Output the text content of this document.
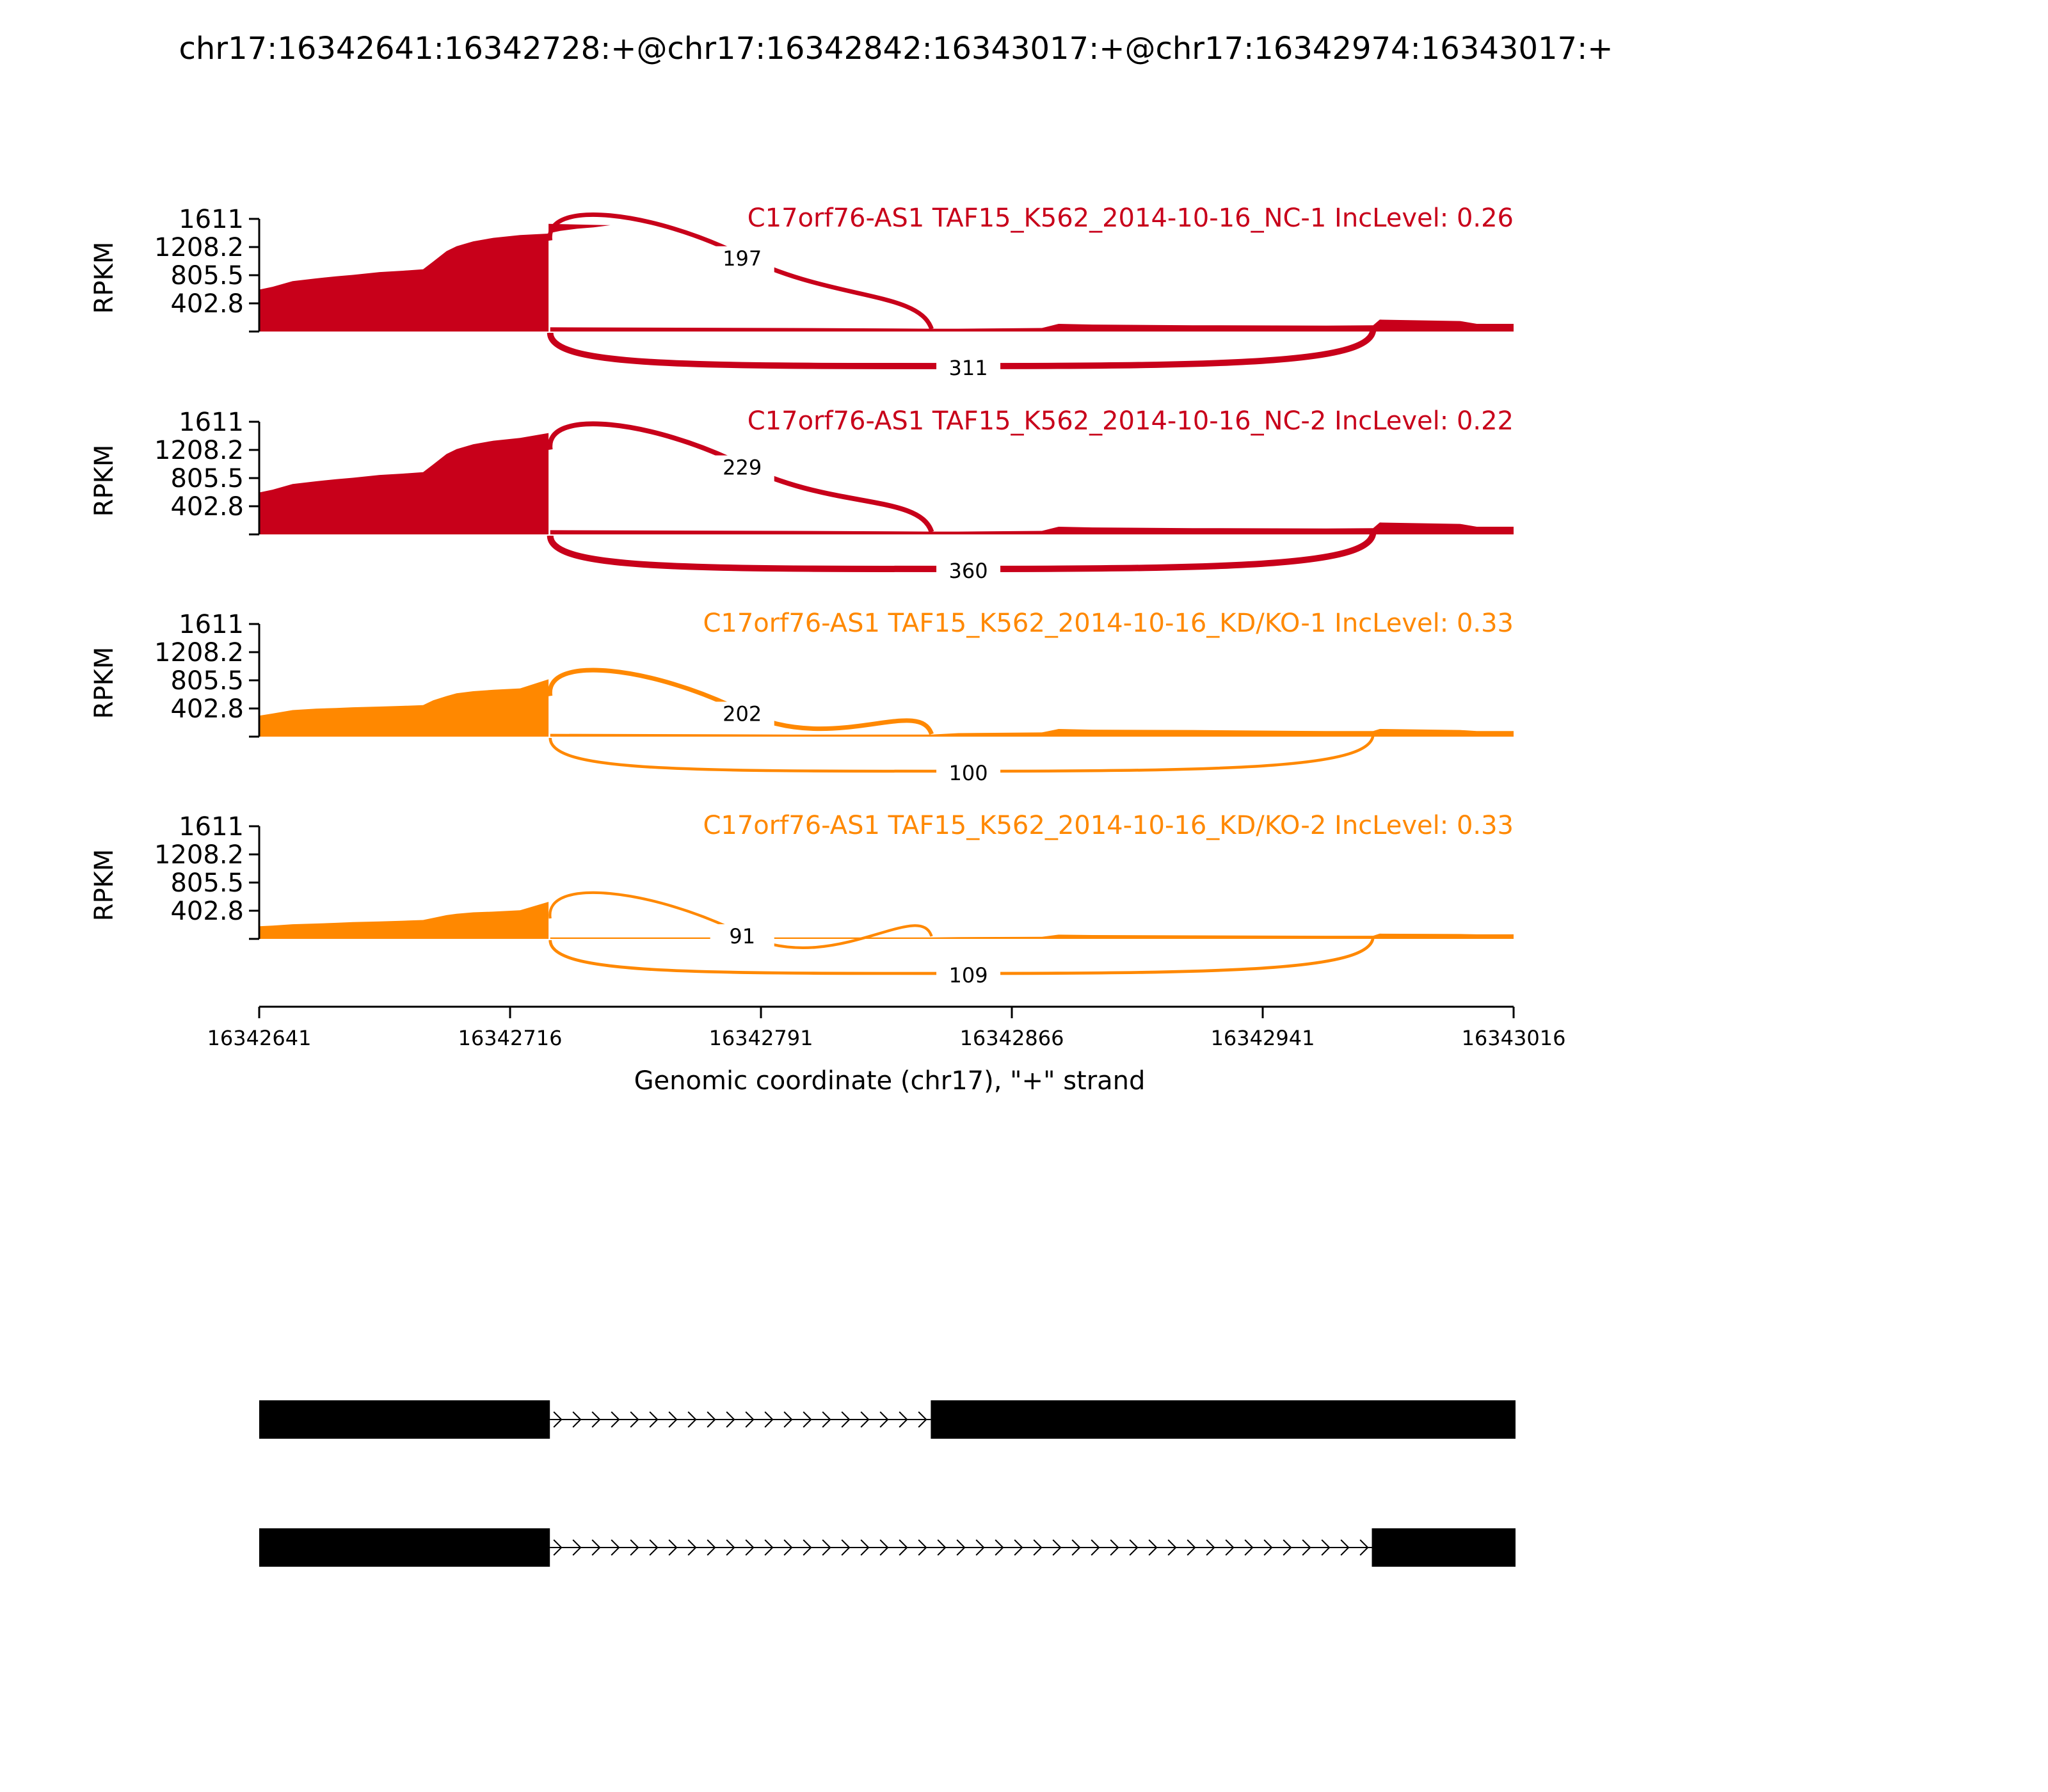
chr17:16342641:16342728:+@chr17:16342842:16343017:+@chr17:16342974:16343017:+
402.8
805.5
1208.2
1611
RPKM
C17orf76-AS1 TAF15_K562_2014-10-16_NC-1 IncLevel: 0.26
197
311
402.8
805.5
1208.2
1611
RPKM
C17orf76-AS1 TAF15_K562_2014-10-16_NC-2 IncLevel: 0.22
229
360
402.8
805.5
1208.2
1611
RPKM
C17orf76-AS1 TAF15_K562_2014-10-16_KD/KO-1 IncLevel: 0.33
202
100
402.8
805.5
1208.2
1611
RPKM
C17orf76-AS1 TAF15_K562_2014-10-16_KD/KO-2 IncLevel: 0.33
91
109
16342641	16342716	16342791	16342866	16342941	16343016
Genomic coordinate (chr17), "+" strand
